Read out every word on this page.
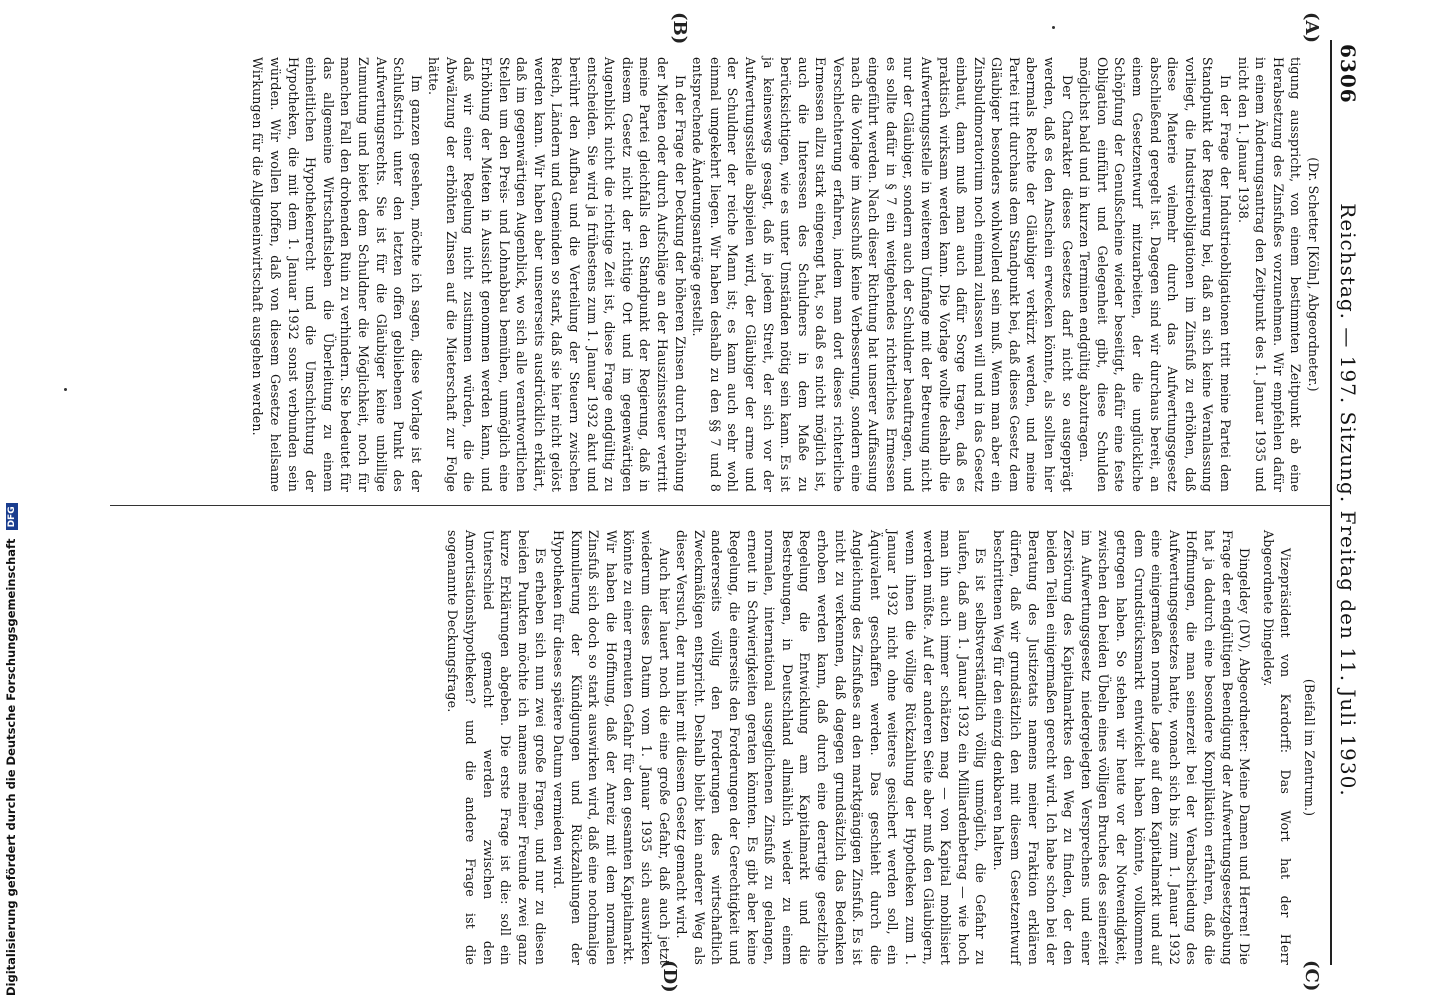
6306
Reichstag. — 197. Sitzung. Freitag den 11. Juli 1930.
(A)
(B)
(C)
(D)

(Dr. Schetter [Köln], Abgeordneter.)

tigung ausspricht, von einem bestimmten Zeitpunkt ab eine Herabsetzung des Zinsfußes vorzunehmen. Wir empfehlen dafür in einem Änderungsantrag den Zeitpunkt des 1. Januar 1935 und nicht den 1. Januar 1938.

In der Frage der Industrieobligationen tritt meine Partei dem Standpunkt der Regierung bei, daß an sich keine Veranlassung vorliegt, die Industrieobligationen im Zinsfuß zu erhöhen, daß diese Materie vielmehr durch das Aufwertungsgesetz abschließend geregelt ist. Dagegen sind wir durchaus bereit, an einem Gesetzentwurf mitzuarbeiten, der die unglückliche Schöpfung der Genußscheine wieder beseitigt, dafür eine feste Obligation einführt und Gelegenheit gibt, diese Schulden möglichst bald und in kurzen Terminen endgültig abzutragen.

Der Charakter dieses Gesetzes darf nicht so ausgeprägt werden, daß es den Anschein erwecken könnte, als sollten hier abermals Rechte der Gläubiger verkürzt werden, und meine Partei tritt durchaus dem Standpunkt bei, daß dieses Gesetz dem Gläubiger besonders wohlwollend sein muß. Wenn man aber ein Zinsbuldmoratorium noch einmal zulassen will und in das Gesetz einbaut, dann muß man auch dafür Sorge tragen, daß es praktisch wirksam werden kann. Die Vorlage wollte deshalb die Aufwertungsstelle in weiterem Umfange mit der Betreuung nicht nur der Gläubiger, sondern auch der Schuldner beauftragen, und es sollte dafür in § 7 ein weitgehendes richterliches Ermessen eingeführt werden. Nach dieser Richtung hat unserer Auffassung nach die Vorlage im Ausschuß keine Verbesserung, sondern eine Verschlechterung erfahren, indem man dort dieses richterliche Ermessen allzu stark eingeengt hat, so daß es nicht möglich ist, auch die Interessen des Schuldners in dem Maße zu berücksichtigen, wie es unter Umständen nötig sein kann. Es ist ja keineswegs gesagt, daß in jedem Streit, der sich vor der Aufwertungsstelle abspielen wird, der Gläubiger der arme und der Schuldner der reiche Mann ist; es kann auch sehr wohl einmal umgekehrt liegen. Wir haben deshalb zu den §§ 7 und 8 entsprechende Änderungsanträge gestellt.

In der Frage der Deckung der höheren Zinsen durch Erhöhung der Mieten oder durch Aufschläge an der Hauszinssteuer vertritt meine Partei gleichfalls den Standpunkt der Regierung, daß in diesem Gesetz nicht der richtige Ort und im gegenwärtigen Augenblick nicht die richtige Zeit ist, diese Frage endgültig zu entscheiden. Sie wird ja frühestens zum 1. Januar 1932 akut und berührt den Aufbau und die Verteilung der Steuern zwischen Reich, Ländern und Gemeinden so stark, daß sie hier nicht gelöst werden kann. Wir haben aber unsererseits ausdrücklich erklärt, daß im gegenwärtigen Augenblick, wo sich alle verantwortlichen Stellen um den Preis- und Lohnabbau bemühen, unmöglich eine Erhöhung der Mieten in Aussicht genommen werden kann, und daß wir einer Regelung nicht zustimmen würden, die die Abwälzung der erhöhten Zinsen auf die Mieterschaft zur Folge hätte.

Im ganzen gesehen, möchte ich sagen, diese Vorlage ist der Schlußstrich unter den letzten offen gebliebenen Punkt des Aufwertungsrechts. Sie ist für die Gläubiger keine unbillige Zumutung und bietet dem Schuldner die Möglichkeit, noch für manchen Fall den drohenden Ruin zu verhindern. Sie bedeutet für das allgemeine Wirtschaftsleben die Überleitung zu einem einheitlichen Hypothekenrecht und die Umschichtung der Hypotheken, die mit dem 1. Januar 1932 sonst verbunden sein würden. Wir wollen hoffen, daß von diesem Gesetze heilsame Wirkungen für die Allgemeinwirtschaft ausgehen werden.

(Beifall im Zentrum.)

Vizepräsident von Kardorff: Das Wort hat der Herr Abgeordnete Dingeldey.

Dingeldey (DV), Abgeordneter: Meine Damen und Herren! Die Frage der endgültigen Beendigung der Aufwertungsgesetzgebung hat ja dadurch eine besondere Komplikation erfahren, daß die Hoffnungen, die man seinerzeit bei der Verabschiedung des Aufwertungsgesetzes hatte, wonach sich bis zum 1. Januar 1932 eine einigermaßen normale Lage auf dem Kapitalmarkt und auf dem Grundstücksmarkt entwickelt haben könnte, vollkommen getrogen haben. So stehen wir heute vor der Notwendigkeit, zwischen den beiden Übeln eines völligen Bruches des seinerzeit im Aufwertungsgesetz niedergelegten Versprechens und einer Zerstörung des Kapitalmarktes den Weg zu finden, der den beiden Teilen einigermaßen gerecht wird. Ich habe schon bei der Beratung des Justizetats namens meiner Fraktion erklären dürfen, daß wir grundsätzlich den mit diesem Gesetzentwurf beschrittenen Weg für den einzig denkbaren halten.

Es ist selbstverständlich völlig unmöglich, die Gefahr zu laufen, daß am 1. Januar 1932 ein Milliardenbetrag — wie hoch man ihn auch immer schätzen mag — von Kapital mobilisiert werden müßte. Auf der anderen Seite aber muß den Gläubigern, wenn ihnen die völlige Rückzahlung der Hypotheken zum 1. Januar 1932 nicht ohne weiteres gesichert werden soll, ein Äquivalent geschaffen werden. Das geschieht durch die Angleichung des Zinsfußes an den marktgängigen Zinsfuß. Es ist nicht zu verkennen, daß dagegen grundsätzlich das Bedenken erhoben werden kann, daß durch eine derartige gesetzliche Regelung die Entwicklung am Kapitalmarkt und die Bestrebungen, in Deutschland allmählich wieder zu einem normalen, international ausgeglichenen Zinsfuß zu gelangen, erneut in Schwierigkeiten geraten könnten. Es gibt aber keine Regelung, die einerseits den Forderungen der Gerechtigkeit und andererseits völlig den Forderungen des wirtschaftlich Zweckmäßigen entspricht. Deshalb bleibt kein anderer Weg als dieser Versuch, der nun hier mit diesem Gesetz gemacht wird.

Auch hier lauert noch die eine große Gefahr, daß auch jetzt wiederum dieses Datum vom 1. Januar 1935 sich auswirken könnte zu einer erneuten Gefahr für den gesamten Kapitalmarkt. Wir haben die Hoffnung, daß der Anreiz mit dem normalen Zinsfuß sich doch so stark auswirken wird, daß eine nochmalige Kumulierung der Kündigungen und Rückzahlungen der Hypotheken für dieses spätere Datum vermieden wird.

Es erheben sich nun zwei große Fragen, und nur zu diesen beiden Punkten möchte ich namens meiner Freunde zwei ganz kurze Erklärungen abgeben. Die erste Frage ist die: soll ein Unterschied gemacht werden zwischen den Amortisationshypotheken? und die andere Frage ist die sogenannte Deckungsfrage.

Digitalisierung gefördert durch die Deutsche Forschungsgemeinschaft DFG
